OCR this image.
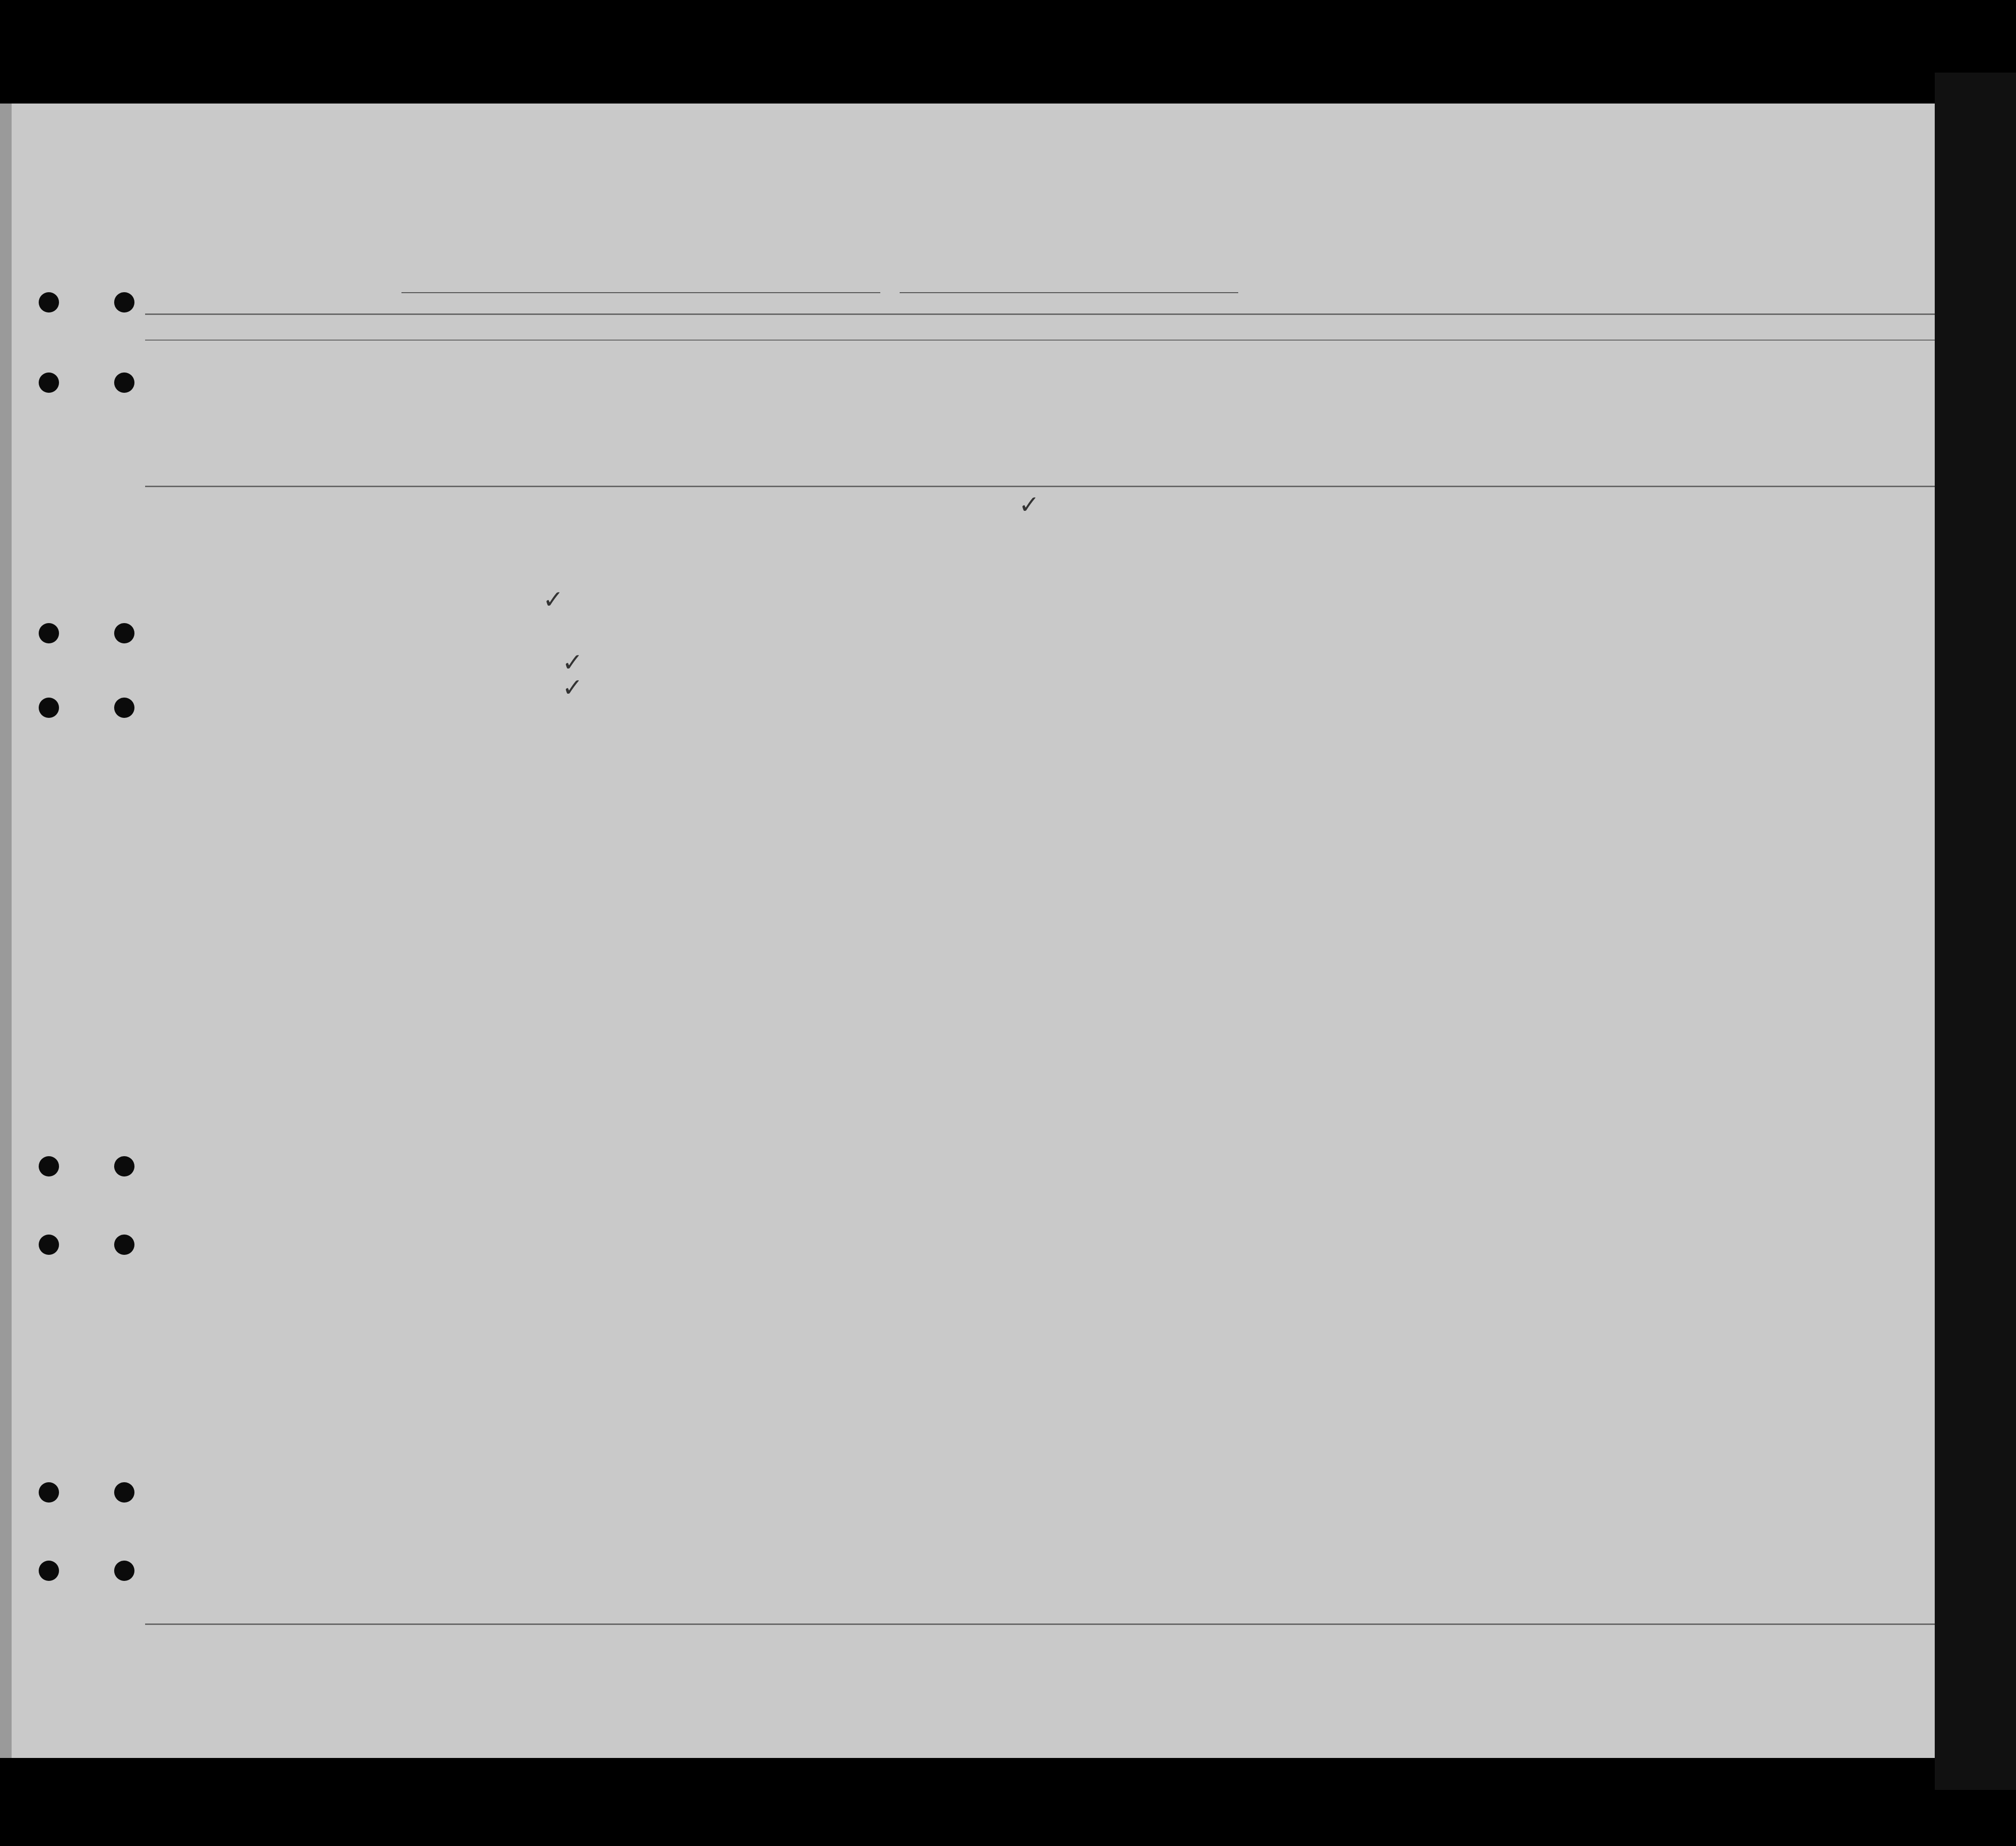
✓
✓
✓
✓
